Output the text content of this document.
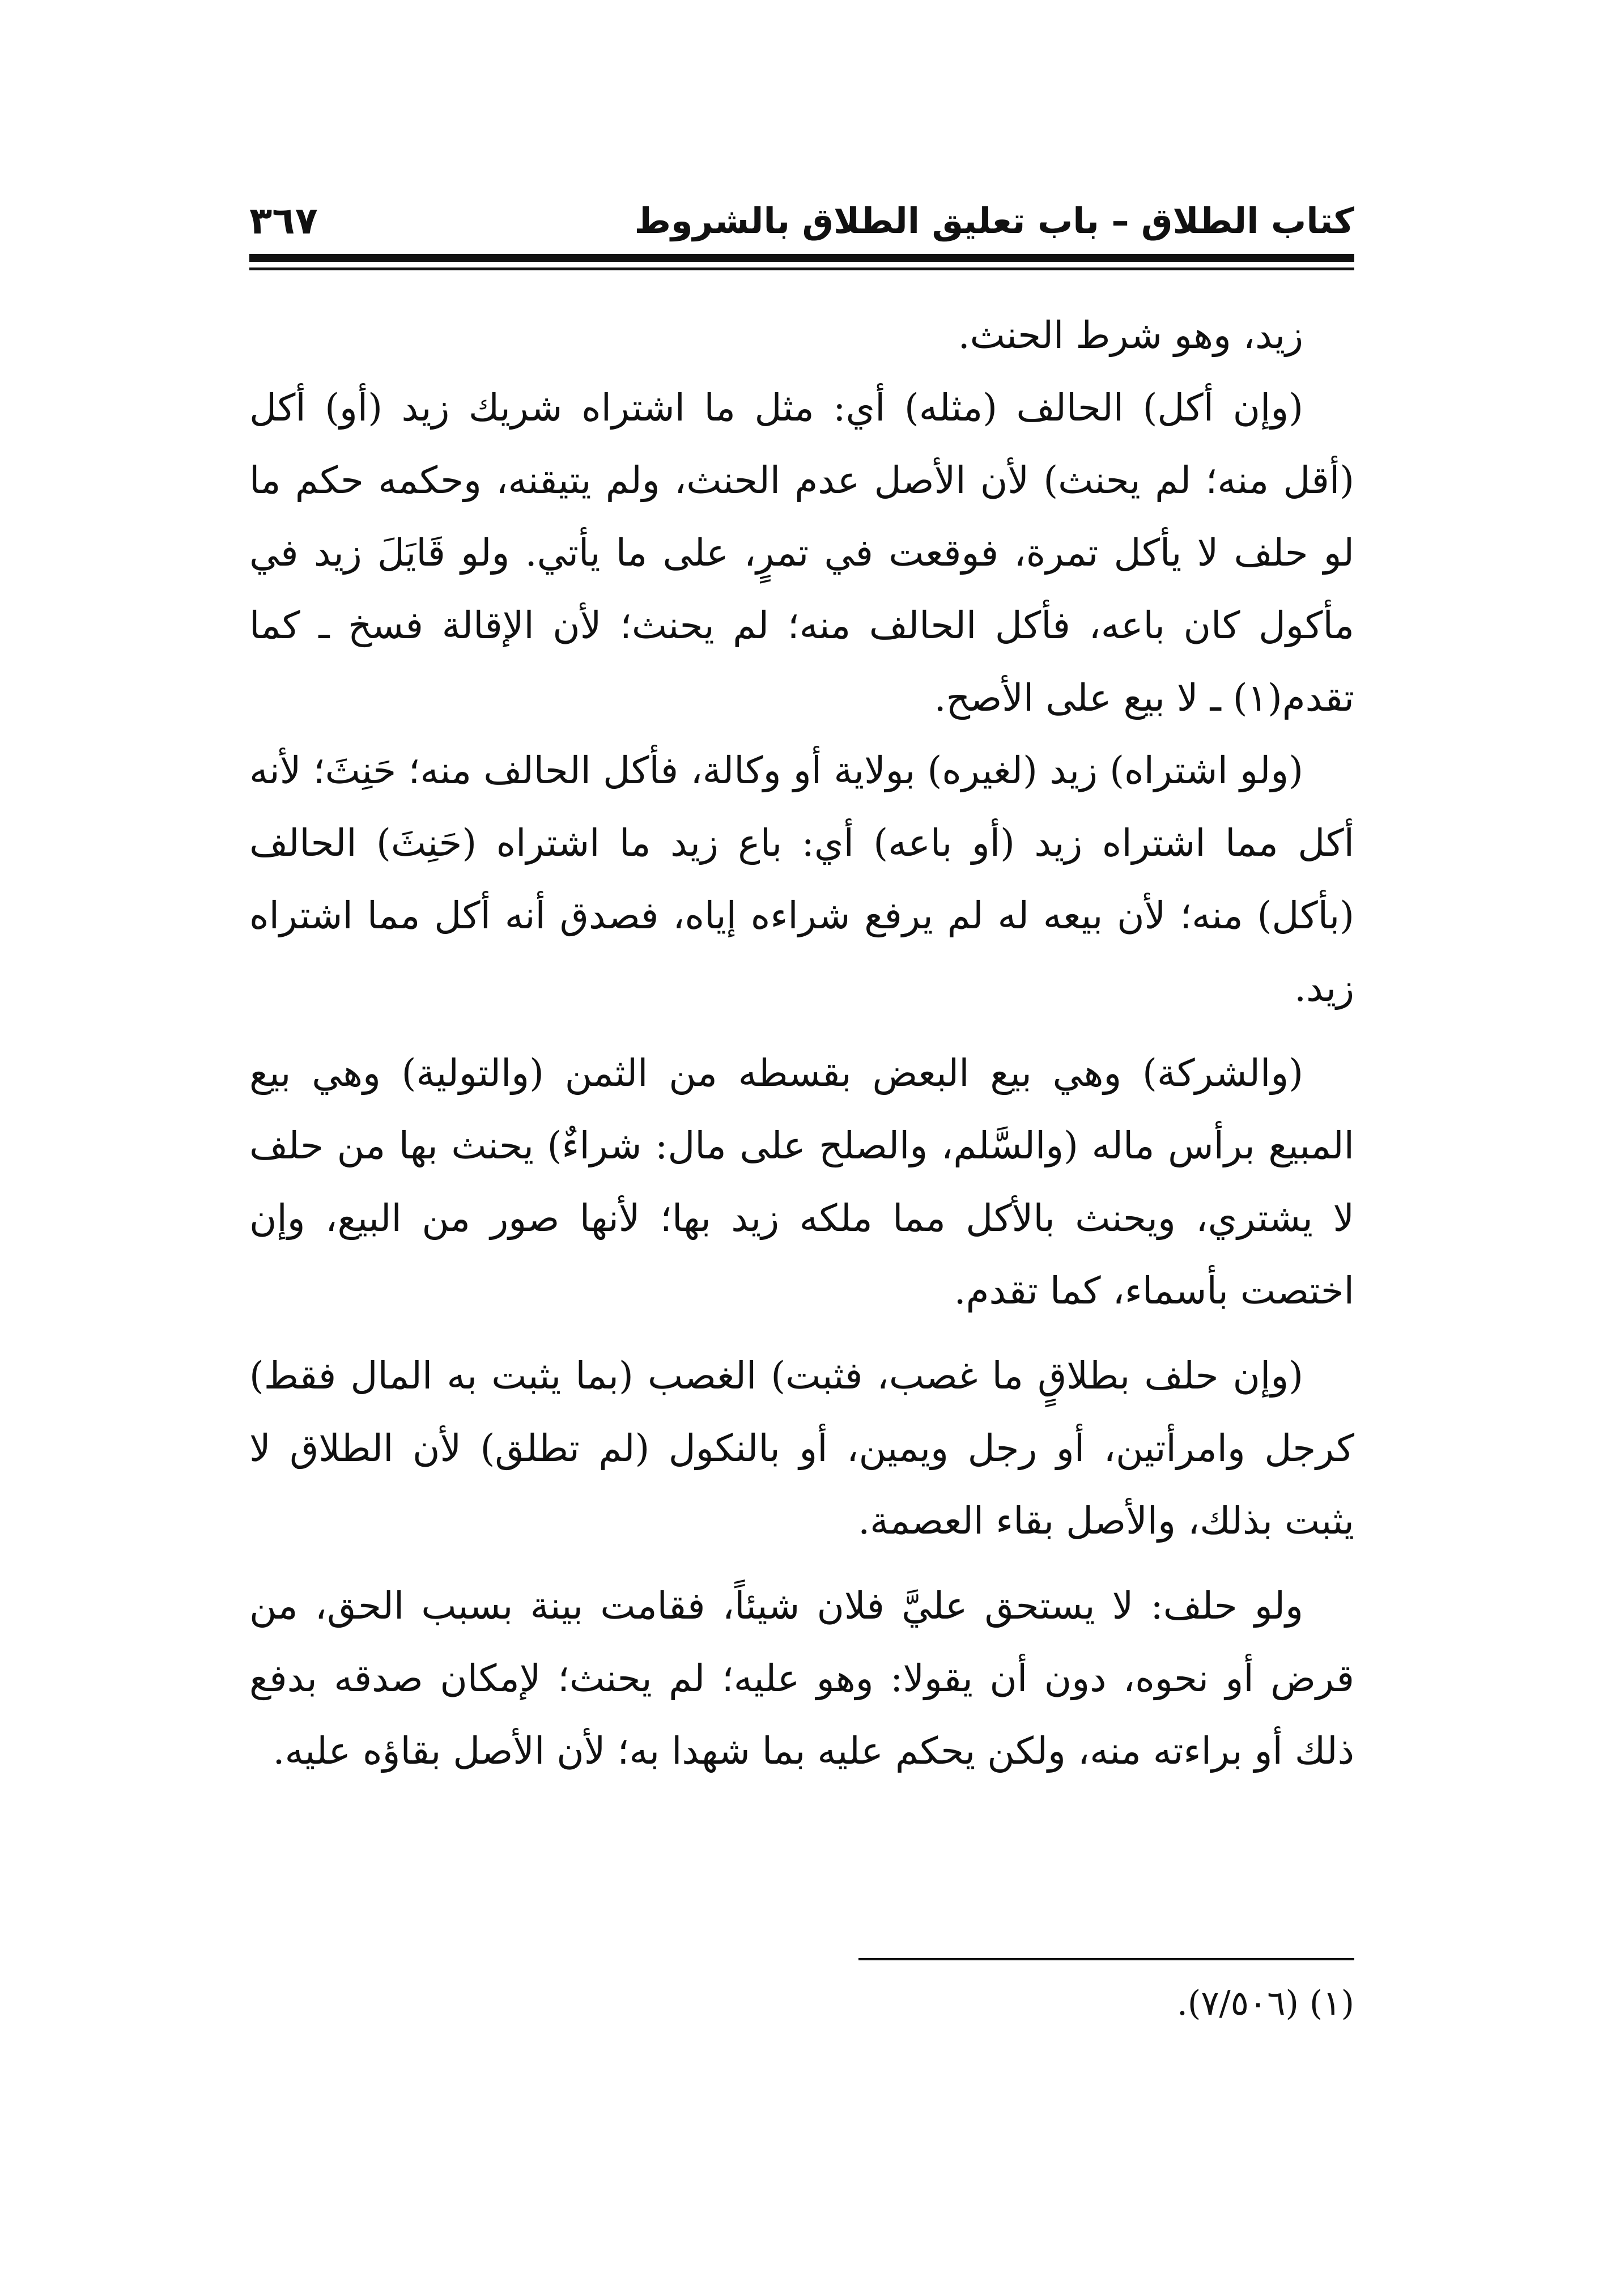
كتاب الطلاق – باب تعليق الطلاق بالشروط
٣٦٧

زيد، وهو شرط الحنث.

(وإن أكل) الحالف (مثله) أي: مثل ما اشتراه شريك زيد (أو) أكل (أقل منه؛ لم يحنث) لأن الأصل عدم الحنث، ولم يتيقنه، وحكمه حكم ما لو حلف لا يأكل تمرة، فوقعت في تمرٍ، على ما يأتي. ولو قَايَلَ زيد في مأكول كان باعه، فأكل الحالف منه؛ لم يحنث؛ لأن الإقالة فسخ ـ كما تقدم(١) ـ لا بيع على الأصح.

(ولو اشتراه) زيد (لغيره) بولاية أو وكالة، فأكل الحالف منه؛ حَنِثَ؛ لأنه أكل مما اشتراه زيد (أو باعه) أي: باع زيد ما اشتراه (حَنِثَ) الحالف (بأكل) منه؛ لأن بيعه له لم يرفع شراءه إياه، فصدق أنه أكل مما اشتراه زيد.

(والشركة) وهي بيع البعض بقسطه من الثمن (والتولية) وهي بيع المبيع برأس ماله (والسَّلم، والصلح على مال: شراءٌ) يحنث بها من حلف لا يشتري، ويحنث بالأكل مما ملكه زيد بها؛ لأنها صور من البيع، وإن اختصت بأسماء، كما تقدم.

(وإن حلف بطلاقٍ ما غصب، فثبت) الغصب (بما يثبت به المال فقط) كرجل وامرأتين، أو رجل ويمين، أو بالنكول (لم تطلق) لأن الطلاق لا يثبت بذلك، والأصل بقاء العصمة.

ولو حلف: لا يستحق عليَّ فلان شيئاً، فقامت بينة بسبب الحق، من قرض أو نحوه، دون أن يقولا: وهو عليه؛ لم يحنث؛ لإمكان صدقه بدفع ذلك أو براءته منه، ولكن يحكم عليه بما شهدا به؛ لأن الأصل بقاؤه عليه.

(١) (٧/٥٠٦).
